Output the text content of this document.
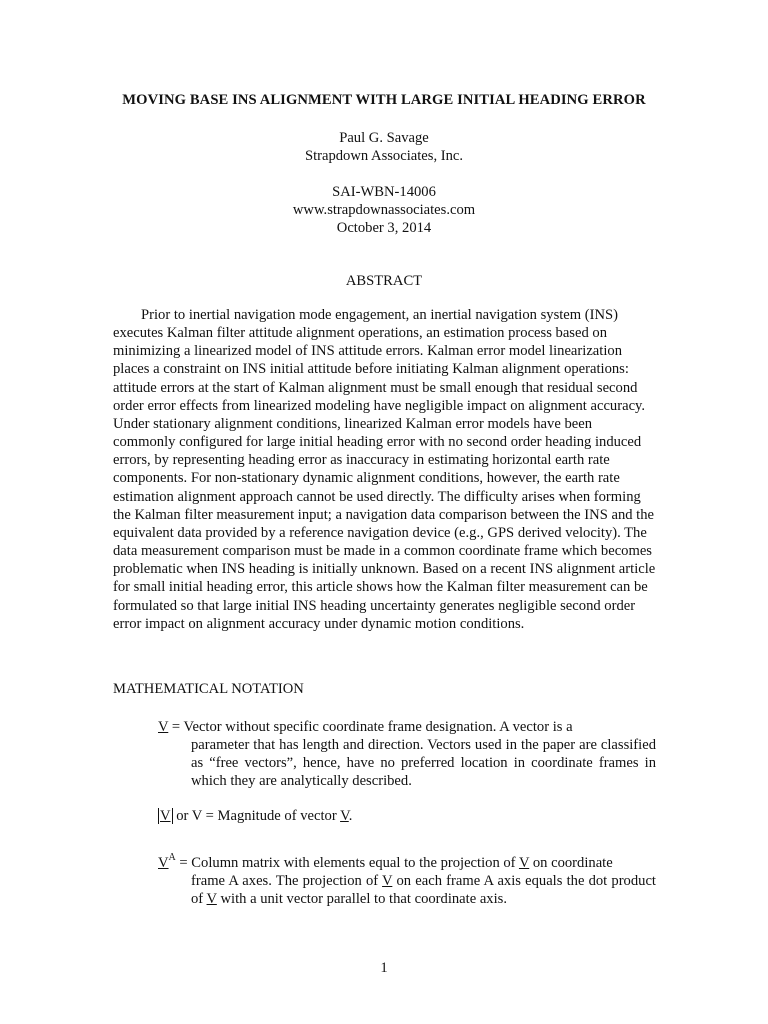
MOVING BASE INS ALIGNMENT WITH LARGE INITIAL HEADING ERROR
Paul G. Savage
Strapdown Associates, Inc.
SAI-WBN-14006
www.strapdownassociates.com
October 3, 2014
ABSTRACT

Prior to inertial navigation mode engagement, an inertial navigation system (INS) executes Kalman filter attitude alignment operations, an estimation process based on minimizing a linearized model of INS attitude errors. Kalman error model linearization places a constraint on INS initial attitude before initiating Kalman alignment operations: attitude errors at the start of Kalman alignment must be small enough that residual second order error effects from linearized modeling have negligible impact on alignment accuracy. Under stationary alignment conditions, linearized Kalman error models have been commonly configured for large initial heading error with no second order heading induced errors, by representing heading error as inaccuracy in estimating horizontal earth rate components. For non-stationary dynamic alignment conditions, however, the earth rate estimation alignment approach cannot be used directly. The difficulty arises when forming the Kalman filter measurement input; a navigation data comparison between the INS and the equivalent data provided by a reference navigation device (e.g., GPS derived velocity). The data measurement comparison must be made in a common coordinate frame which becomes problematic when INS heading is initially unknown. Based on a recent INS alignment article for small initial heading error, this article shows how the Kalman filter measurement can be formulated so that large initial INS heading uncertainty generates negligible second order error impact on alignment accuracy under dynamic motion conditions.

MATHEMATICAL NOTATION
V = Vector without specific coordinate frame designation. A vector is a
parameter that has length and direction. Vectors used in the paper are classified as “free vectors”, hence, have no preferred location in coordinate frames in which they are analytically described.
V or V = Magnitude of vector V.
$V^A$ = Column matrix with elements equal to the projection of V on coordinate
frame A axes. The projection of V on each frame A axis equals the dot product of V with a unit vector parallel to that coordinate axis.
1
